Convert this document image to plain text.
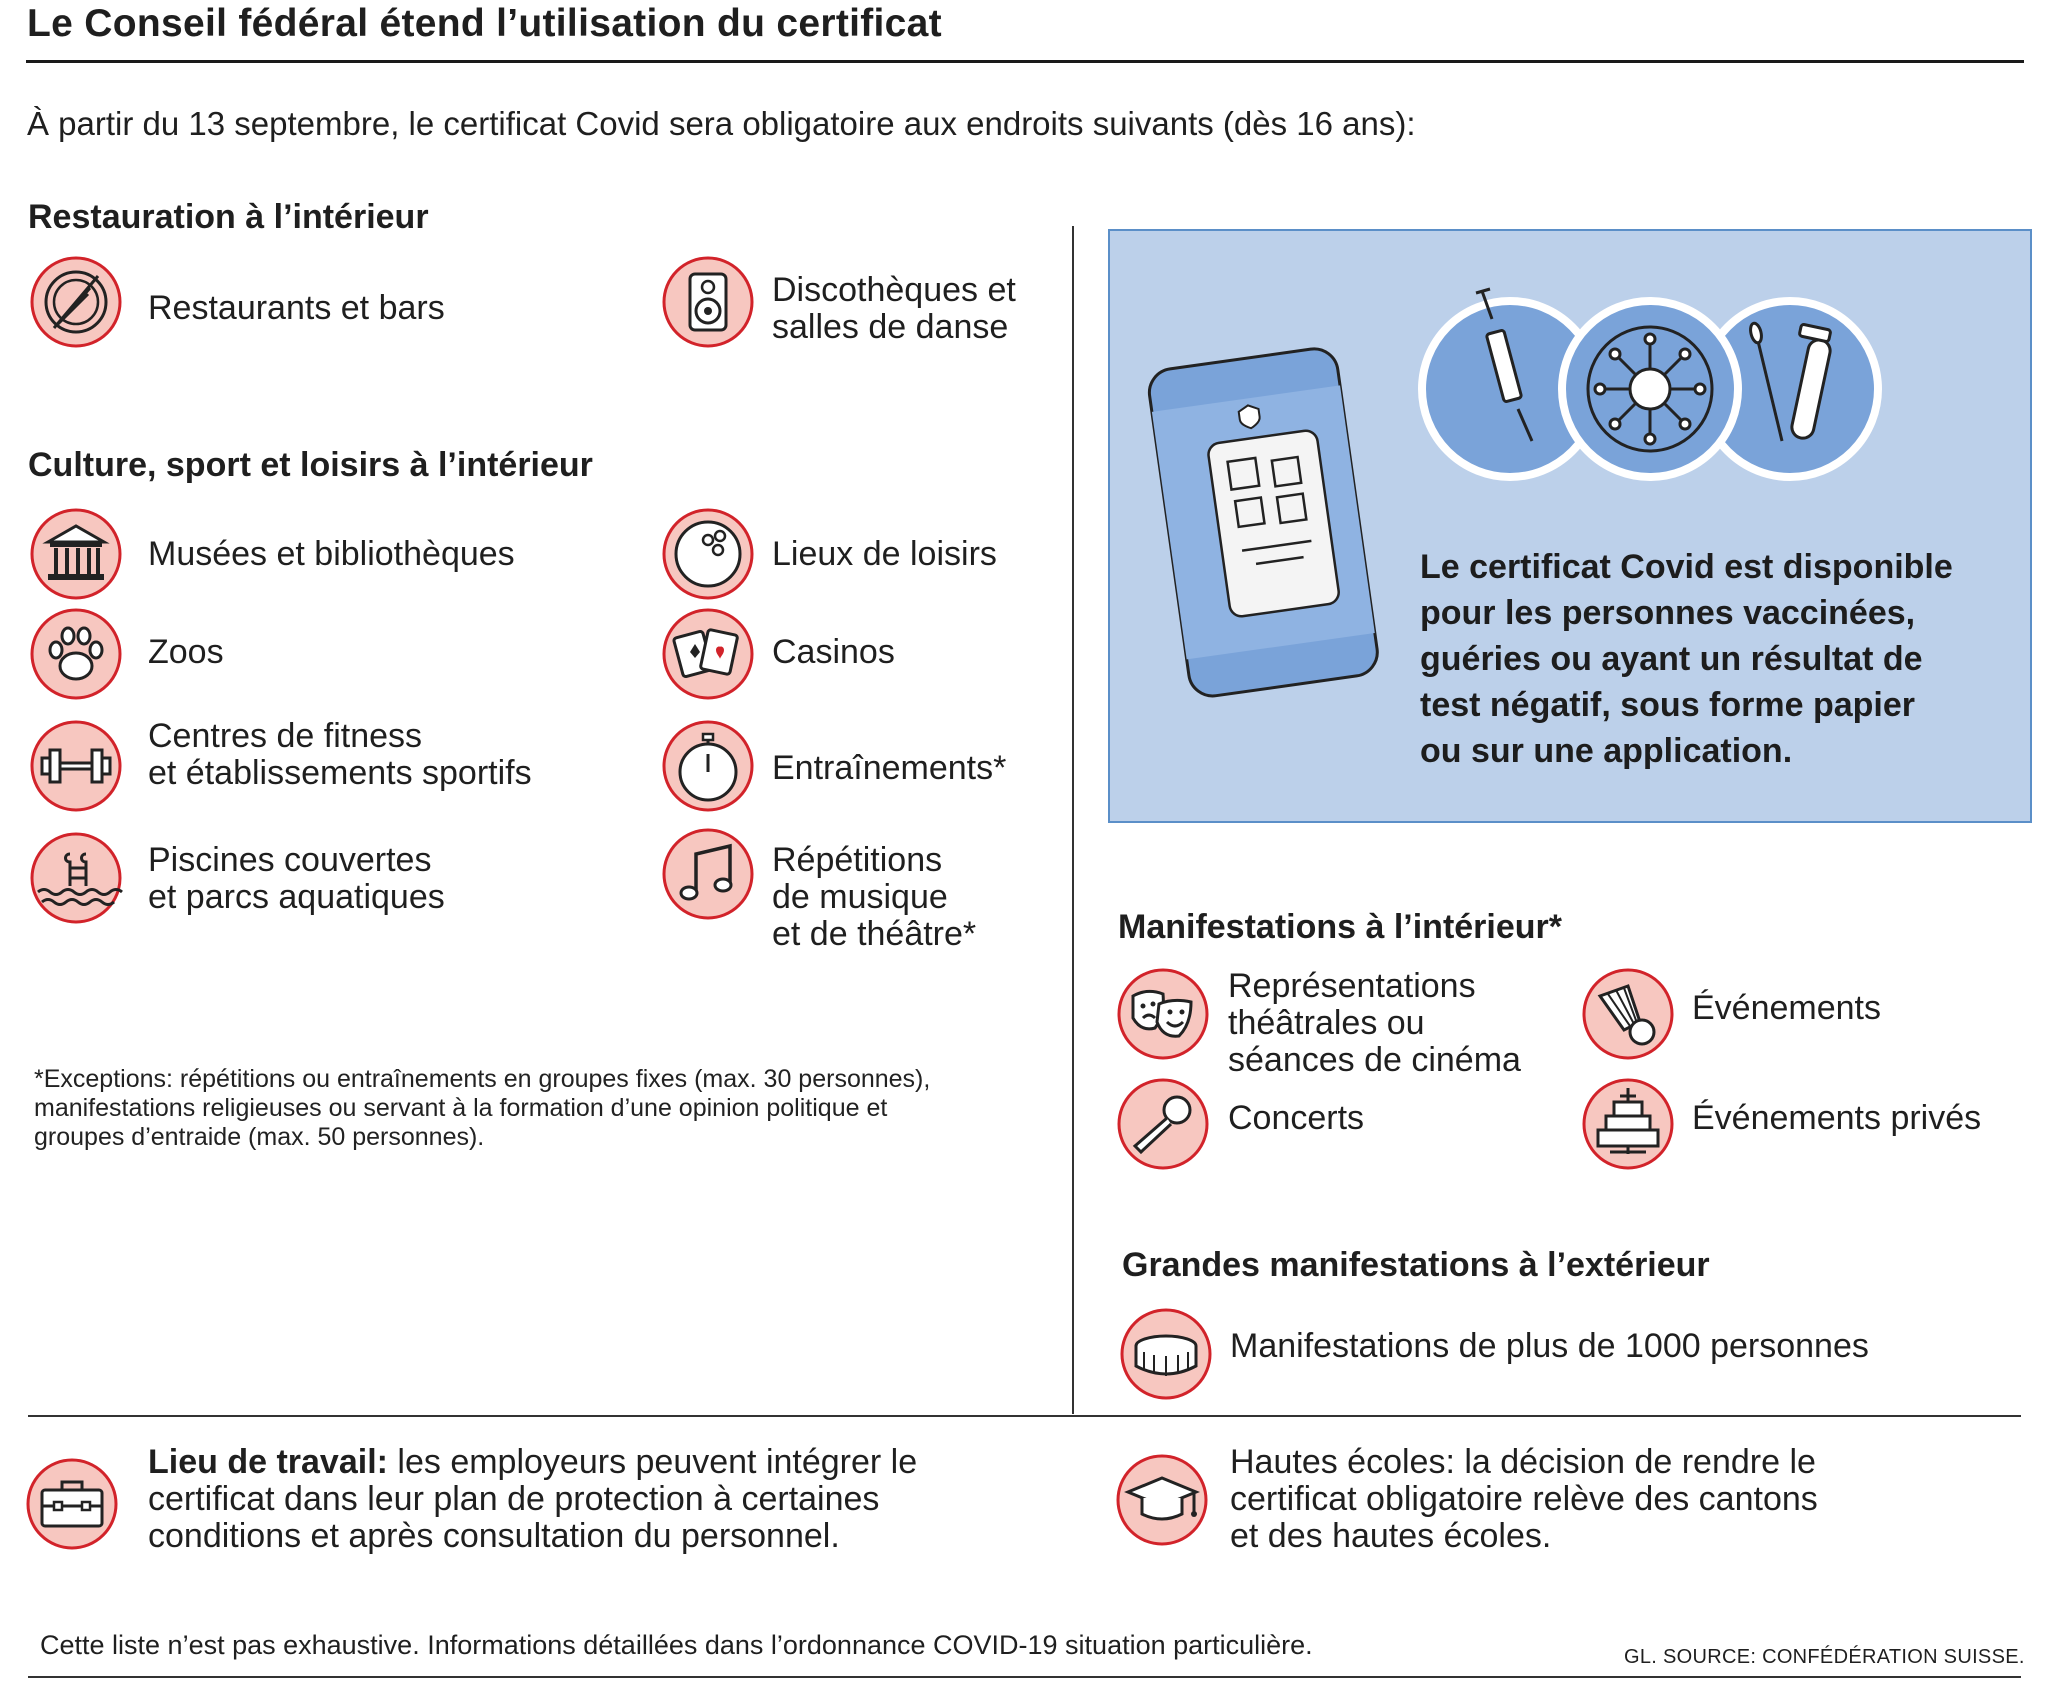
Le Conseil fédéral étend l’utilisation du certificat
À partir du 13 septembre, le certificat Covid sera obligatoire aux endroits suivants (dès 16 ans):
Restauration à l’intérieur
Restaurants et bars	Discothèques et
salles de danse
Culture, sport et loisirs à l’intérieur
Musées et bibliothèques	Lieux de loisirs
Zoos	Casinos
Centres de fitness
et établissements sportifs	Entraînements*
Piscines couvertes
et parcs aquatiques
Répétitions
de musique
et de théâtre*
*Exceptions: répétitions ou entraînements en groupes fixes (max. 30 personnes),
manifestations religieuses ou servant à la formation d’une opinion politique et
groupes d’entraide (max. 50 personnes).
Le certificat Covid est disponible
pour les personnes vaccinées,
guéries ou ayant un résultat de
test négatif, sous forme papier
ou sur une application.
Manifestations à l’intérieur*
Représentations
théâtrales ou
séances de cinéma
Événements
Concerts	Événements privés
Grandes manifestations à l’extérieur
Manifestations de plus de 1000 personnes
Lieu de travail: les employeurs peuvent intégrer le
certificat dans leur plan de protection à certaines
conditions et après consultation du personnel.
Hautes écoles: la décision de rendre le
certificat obligatoire relève des cantons
et des hautes écoles.
Cette liste n’est pas exhaustive. Informations détaillées dans l’ordonnance COVID-19 situation particulière.	GL. SOURCE: CONFÉDÉRATION SUISSE.
